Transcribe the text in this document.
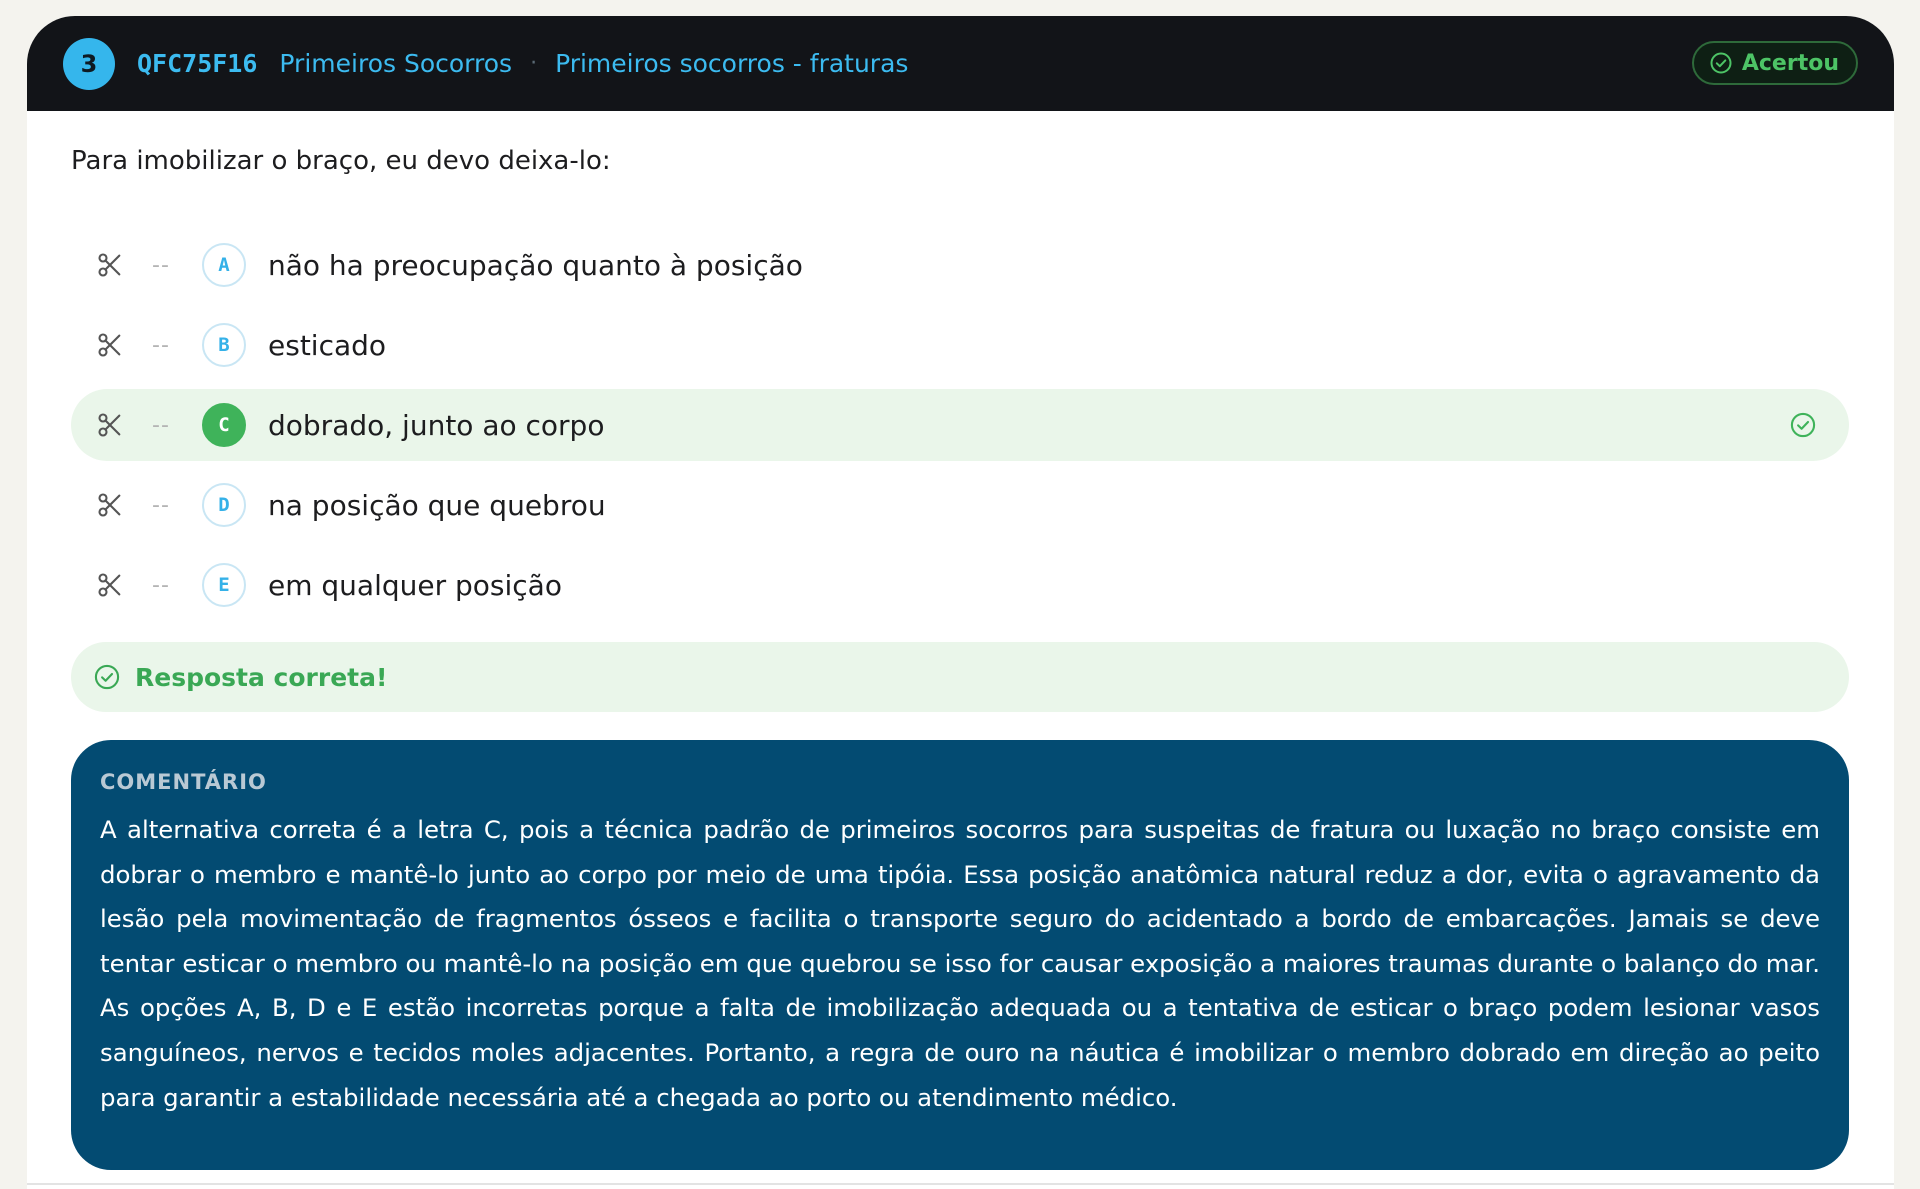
3	QFC75F16 Primeiros Socorros · Primeiros socorros - fraturas	Acertou
Para imobilizar o braço, eu devo deixa-lo:
--	A	não ha preocupação quanto à posição
--	B	esticado
--	C	dobrado, junto ao corpo
--	D	na posição que quebrou
--	E	em qualquer posição
Resposta correta!
COMENTÁRIO
A alternativa correta é a letra C, pois a técnica padrão de primeiros socorros para suspeitas de fratura ou luxação no braço consiste em dobrar o membro e mantê-lo junto ao corpo por meio de uma tipóia. Essa posição anatômica natural reduz a dor, evita o agravamento da lesão pela movimentação de fragmentos ósseos e facilita o transporte seguro do acidentado a bordo de embarcações. Jamais se deve tentar esticar o membro ou mantê-lo na posição em que quebrou se isso for causar exposição a maiores traumas durante o balanço do mar. As opções A, B, D e E estão incorretas porque a falta de imobilização adequada ou a tentativa de esticar o braço podem lesionar vasos sanguíneos, nervos e tecidos moles adjacentes. Portanto, a regra de ouro na náutica é imobilizar o membro dobrado em direção ao peito para garantir a estabilidade necessária até a chegada ao porto ou atendimento médico.
